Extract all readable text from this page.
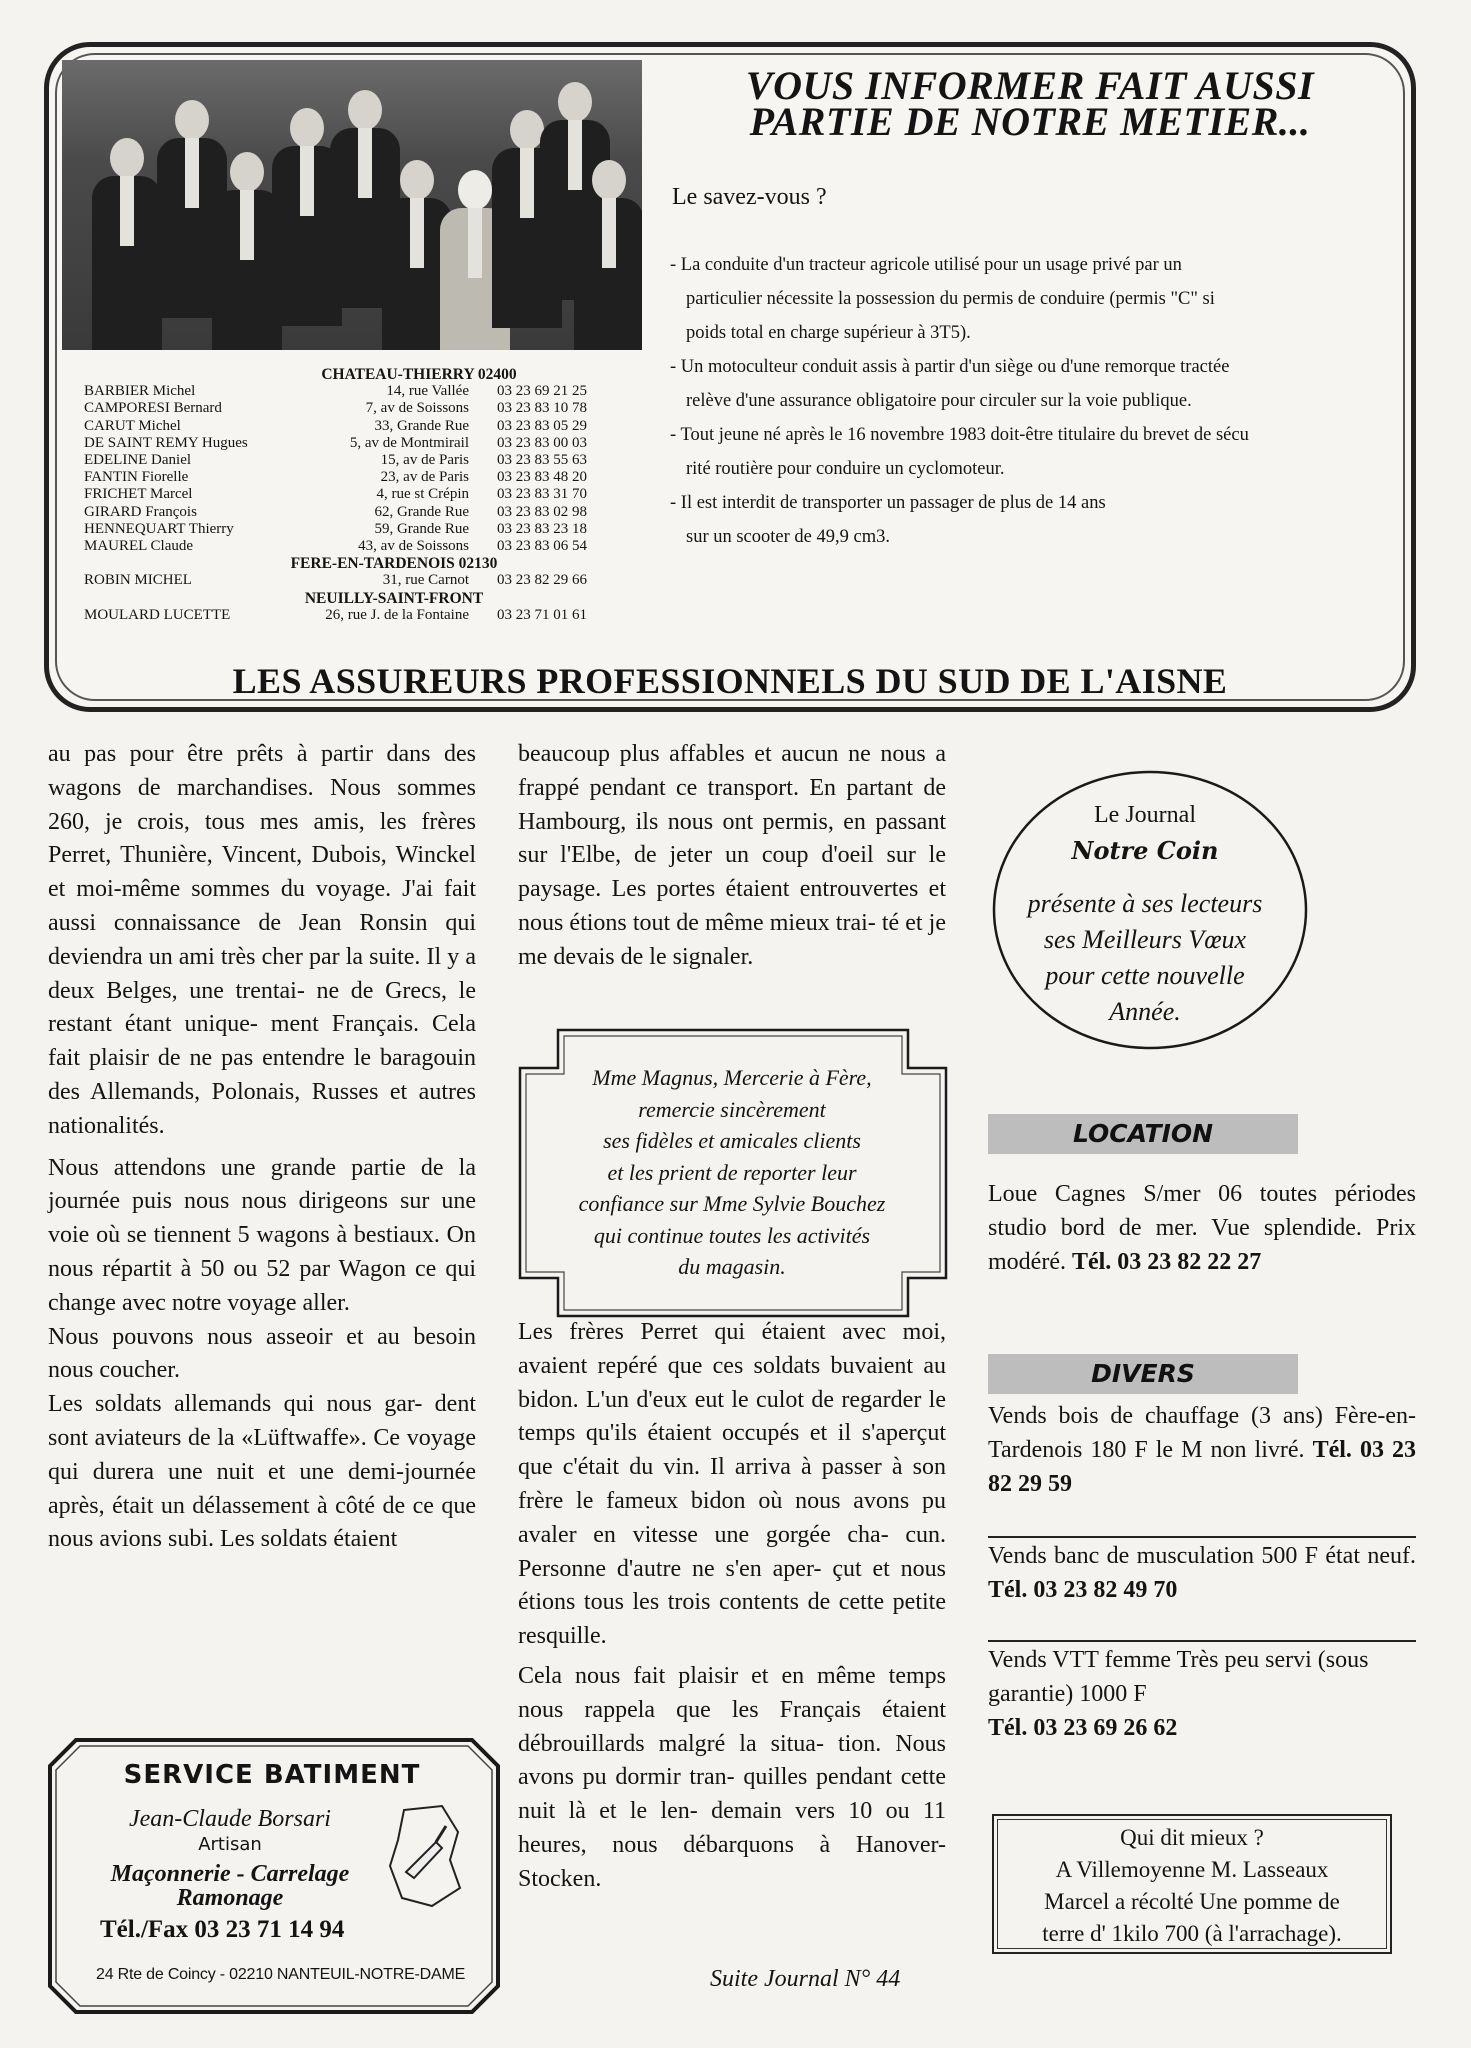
CHATEAU-THIERRY 02400
BARBIER Michel	14, rue Vallée	03 23 69 21 25
CAMPORESI Bernard	7, av de Soissons	03 23 83 10 78
CARUT Michel	33, Grande Rue	03 23 83 05 29
DE SAINT REMY Hugues	5, av de Montmirail	03 23 83 00 03
EDELINE Daniel	15, av de Paris	03 23 83 55 63
FANTIN Fiorelle	23, av de Paris	03 23 83 48 20
FRICHET Marcel	4, rue st Crépin	03 23 83 31 70
GIRARD François	62, Grande Rue	03 23 83 02 98
HENNEQUART Thierry	59, Grande Rue	03 23 83 23 18
MAUREL Claude	43, av de Soissons	03 23 83 06 54
FERE-EN-TARDENOIS 02130
ROBIN MICHEL	31, rue Carnot	03 23 82 29 66
NEUILLY-SAINT-FRONT
MOULARD LUCETTE	26, rue J. de la Fontaine	03 23 71 01 61
VOUS INFORMER FAIT AUSSI
PARTIE DE NOTRE METIER...
Le savez-vous ?

- La conduite d'un tracteur agricole utilisé pour un usage privé par un

particulier nécessite la possession du permis de conduire (permis "C" si

poids total en charge supérieur à 3T5).

- Un motoculteur conduit assis à partir d'un siège ou d'une remorque tractée

relève d'une assurance obligatoire pour circuler sur la voie publique.

- Tout jeune né après le 16 novembre 1983 doit-être titulaire du brevet de sécu

rité routière pour conduire un cyclomoteur.

- Il est interdit de transporter un passager de plus de 14 ans

sur un scooter de 49,9 cm3.

LES ASSUREURS PROFESSIONNELS DU SUD DE L'AISNE

au pas pour être prêts à partir dans des wagons de marchandises. Nous sommes 260, je crois, tous mes amis, les frères Perret, Thunière, Vincent, Dubois, Winckel et moi-même sommes du voyage. J'ai fait aussi connaissance de Jean Ronsin qui deviendra un ami très cher par la suite. Il y a deux Belges, une trentai- ne de Grecs, le restant étant unique- ment Français. Cela fait plaisir de ne pas entendre le baragouin des Allemands, Polonais, Russes et autres nationalités.

Nous attendons une grande partie de la journée puis nous nous dirigeons sur une voie où se tiennent 5 wagons à bestiaux. On nous répartit à 50 ou 52 par Wagon ce qui change avec notre voyage aller.

Nous pouvons nous asseoir et au besoin nous coucher.

Les soldats allemands qui nous gar- dent sont aviateurs de la «Lüftwaffe». Ce voyage qui durera une nuit et une demi-journée après, était un délassement à côté de ce que nous avions subi. Les soldats étaient

SERVICE BATIMENT
Jean-Claude Borsari
Artisan
Maçonnerie - Carrelage
Ramonage
Tél./Fax 03 23 71 14 94
24 Rte de Coincy - 02210 NANTEUIL-NOTRE-DAME

beaucoup plus affables et aucun ne nous a frappé pendant ce transport. En partant de Hambourg, ils nous ont permis, en passant sur l'Elbe, de jeter un coup d'oeil sur le paysage. Les portes étaient entrouvertes et nous étions tout de même mieux trai- té et je me devais de le signaler.

Mme Magnus, Mercerie à Fère,
remercie sincèrement
ses fidèles et amicales clients
et les prient de reporter leur
confiance sur Mme Sylvie Bouchez
qui continue toutes les activités
du magasin.

Les frères Perret qui étaient avec moi, avaient repéré que ces soldats buvaient au bidon. L'un d'eux eut le culot de regarder le temps qu'ils étaient occupés et il s'aperçut que c'était du vin. Il arriva à passer à son frère le fameux bidon où nous avons pu avaler en vitesse une gorgée cha- cun. Personne d'autre ne s'en aper- çut et nous étions tous les trois contents de cette petite resquille.

Cela nous fait plaisir et en même temps nous rappela que les Français étaient débrouillards malgré la situa- tion. Nous avons pu dormir tran- quilles pendant cette nuit là et le len- demain vers 10 ou 11 heures, nous débarquons à Hanover-Stocken.

Suite Journal N° 44
Le Journal
Notre Coin
présente à ses lecteurs
ses Meilleurs Vœux
pour cette nouvelle
Année.
LOCATION
Loue Cagnes S/mer 06 toutes périodes studio bord de mer. Vue splendide. Prix modéré. Tél. 03 23 82 22 27
DIVERS
Vends bois de chauffage (3 ans) Fère-en-Tardenois 180 F le M non livré. Tél. 03 23 82 29 59
Vends banc de musculation 500 F état neuf. Tél. 03 23 82 49 70
Vends VTT femme Très peu servi (sous garantie) 1000 F
Tél. 03 23 69 26 62
Qui dit mieux ?
A Villemoyenne M. Lasseaux
Marcel a récolté Une pomme de
terre d' 1kilo 700 (à l'arrachage).
